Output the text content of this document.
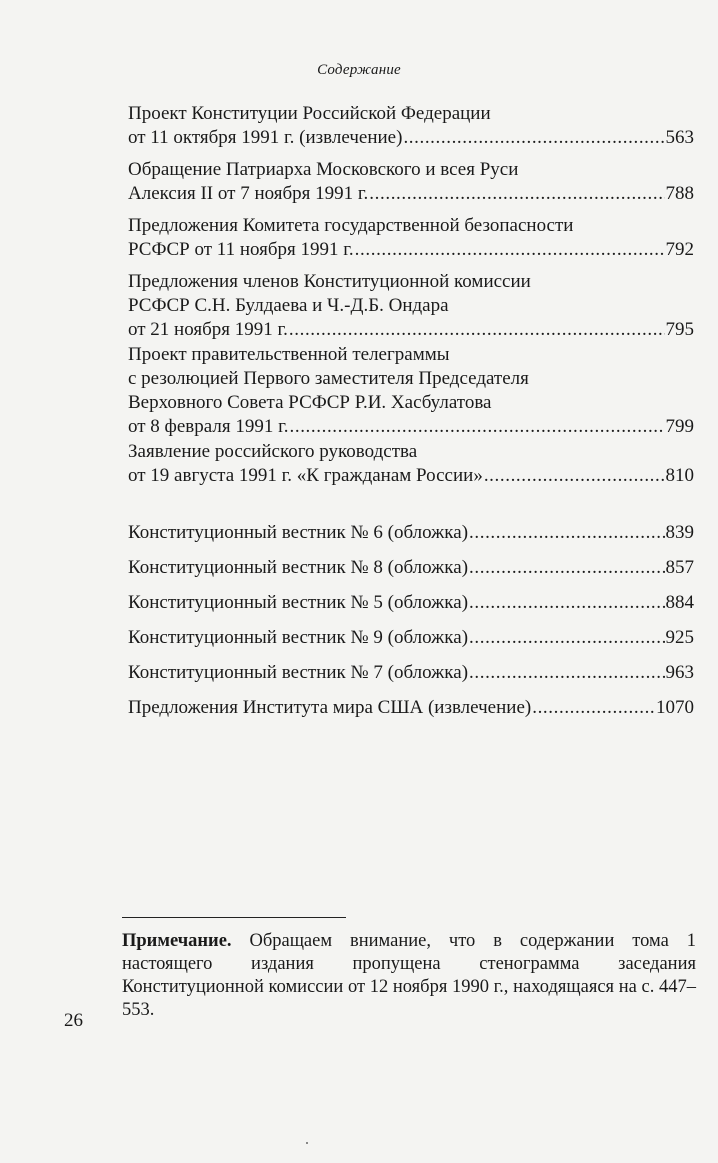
Содержание
Проект Конституции Российской Федерации
от 11 октября 1991 г. (извлечение) .....	563
Обращение Патриарха Московского и всея Руси
Алексия II от 7 ноября 1991 г. .....	788
Предложения Комитета государственной безопасности
РСФСР от 11 ноября 1991 г. .....	792
Предложения членов Конституционной комиссии
РСФСР С.Н. Булдаева и Ч.-Д.Б. Ондара
от 21 ноября 1991 г. .....	795
Проект правительственной телеграммы
с резолюцией Первого заместителя Председателя
Верховного Совета РСФСР Р.И. Хасбулатова
от 8 февраля 1991 г. .....	799
Заявление российского руководства
от 19 августа 1991 г. «К гражданам России» .....	810
Конституционный вестник № 6 (обложка) .....	839
Конституционный вестник № 8 (обложка) .....	857
Конституционный вестник № 5 (обложка) .....	884
Конституционный вестник № 9 (обложка) .....	925
Конституционный вестник № 7 (обложка) .....	963
Предложения Института мира США (извлечение) .....	1070
Примечание. Обращаем внимание, что в содержании тома 1 настоящего издания пропущена стенограмма заседания Конституционной комиссии от 12 ноября 1990 г., находящаяся на с. 447–553.
26
